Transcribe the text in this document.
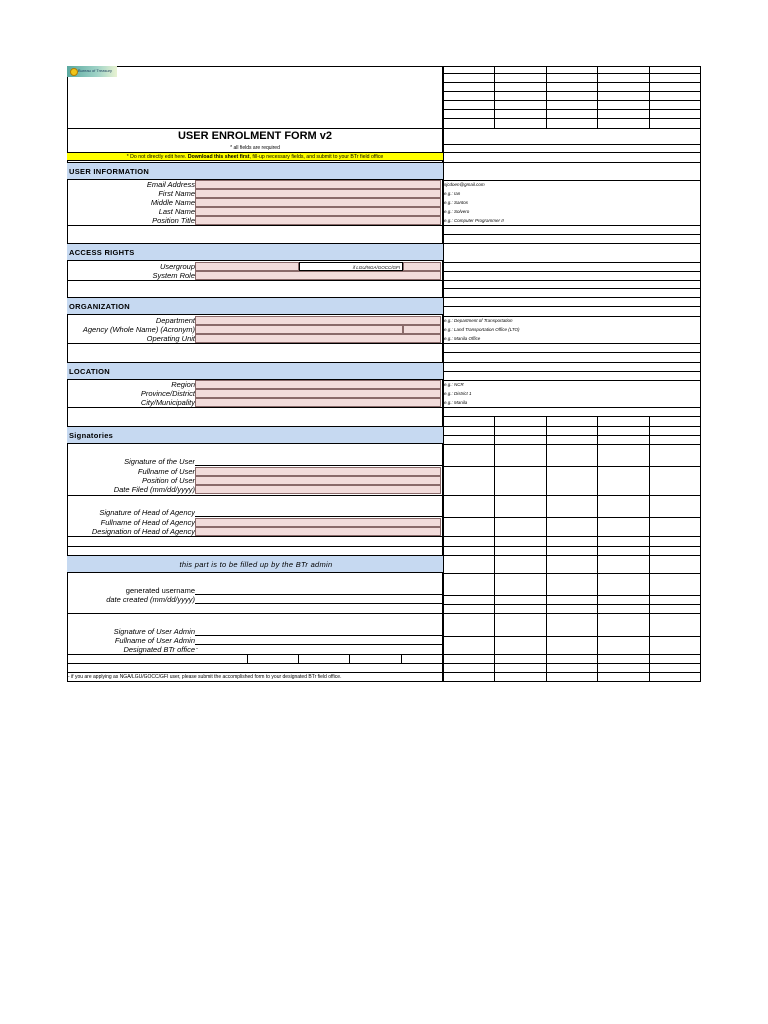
Bureau of Treasury
USER ENROLMENT FORM v2
* all fields are required
* Do not directly edit here. Download this sheet first, fill-up necessary fields, and submit to your BTr field office
USER INFORMATION
Email Address
First Name
Middle Name
Last Name
Position Title
ACCESS RIGHTS
Usergroup	if LGU/NGA/GOCC/GFI
System Role
ORGANIZATION
Department
Agency (Whole Name) (Acronym)
Operating Unit
LOCATION
Region
Province/District
City/Municipality
Signatories
Signature of the User
Fullname of User
Position of User
Date Filed (mm/dd/yyyy)
Signature of Head of Agency
Fullname of Head of Agency
Designation of Head of Agency
this part is to be filled up by the BTr admin
generated username
date created (mm/dd/yyyy)
Signature of User Admin
Fullname of User Admin
Designated BTr office -
- if you are applying as NGA/LGU/GOCC/GFI user, please submit the accomplished form to your designated BTr field office.
sjcdoen@gmail.com
e.g.: Ian
e.g.: Santos
e.g.: Solvero
e.g.: Computer Programmer II
e.g.: Department of Transportation
e.g.: Land Transportation Office (LTO)
e.g.: Manila Office
e.g.: NCR
e.g.: District 1
e.g.: Manila
